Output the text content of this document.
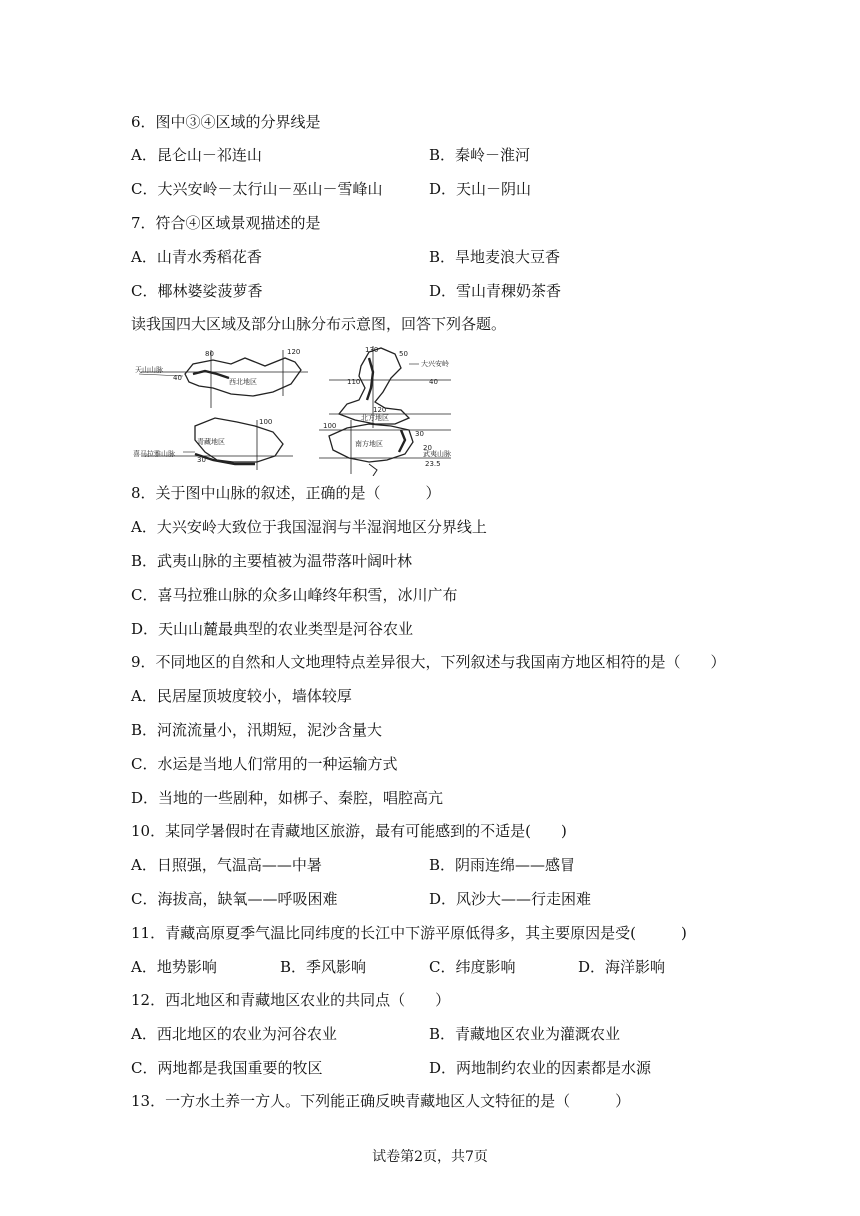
6．图中③④区域的分界线是
A．昆仑山－祁连山	B．秦岭－淮河
C．大兴安岭－太行山－巫山－雪峰山	D．天山－阴山
7．符合④区域景观描述的是
A．山青水秀稻花香	B．旱地麦浪大豆香
C．椰林婆娑菠萝香	D．雪山青稞奶茶香
读我国四大区域及部分山脉分布示意图，回答下列各题。
天山山脉
80	120
40	西北地区
130	50
大兴安岭
110	40
120
北方地区
100
青藏地区
30
喜马拉雅山脉
100
30
武夷山脉
20
23.5
南方地区
8．关于图中山脉的叙述，正确的是（　　　）
A．大兴安岭大致位于我国湿润与半湿润地区分界线上
B．武夷山脉的主要植被为温带落叶阔叶林
C．喜马拉雅山脉的众多山峰终年积雪，冰川广布
D．天山山麓最典型的农业类型是河谷农业
9．不同地区的自然和人文地理特点差异很大，下列叙述与我国南方地区相符的是（　　）
A．民居屋顶坡度较小，墙体较厚
B．河流流量小，汛期短，泥沙含量大
C．水运是当地人们常用的一种运输方式
D．当地的一些剧种，如梆子、秦腔，唱腔高亢
10．某同学暑假时在青藏地区旅游，最有可能感到的不适是(　　)
A．日照强，气温高——中暑	B．阴雨连绵——感冒
C．海拔高，缺氧——呼吸困难	D．风沙大——行走困难
11．青藏高原夏季气温比同纬度的长江中下游平原低得多，其主要原因是受(　　　)
A．地势影响	B．季风影响	C．纬度影响	D．海洋影响
12．西北地区和青藏地区农业的共同点（　　）
A．西北地区的农业为河谷农业	B．青藏地区农业为灌溉农业
C．两地都是我国重要的牧区	D．两地制约农业的因素都是水源
13．一方水土养一方人。下列能正确反映青藏地区人文特征的是（　　　）
试卷第2页，共7页
